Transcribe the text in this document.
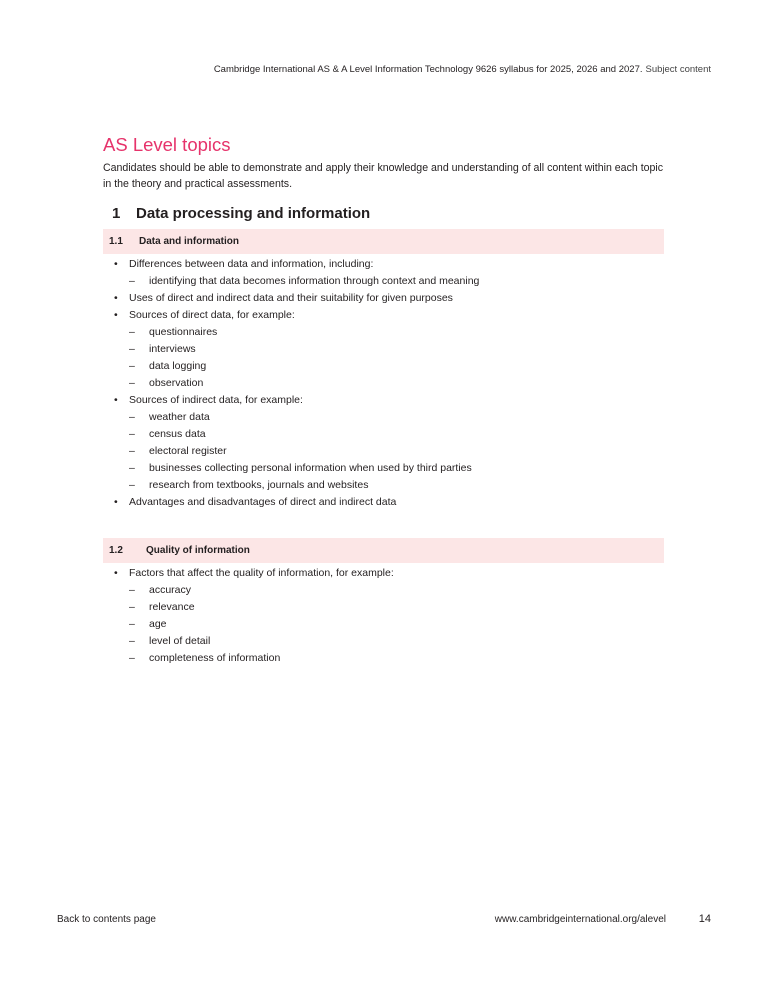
Cambridge International AS & A Level Information Technology 9626 syllabus for 2025, 2026 and 2027. Subject content
AS Level topics
Candidates should be able to demonstrate and apply their knowledge and understanding of all content within each topic in the theory and practical assessments.
1 Data processing and information
1.1 Data and information
• Differences between data and information, including:
– identifying that data becomes information through context and meaning
• Uses of direct and indirect data and their suitability for given purposes
• Sources of direct data, for example:
– questionnaires
– interviews
– data logging
– observation
• Sources of indirect data, for example:
– weather data
– census data
– electoral register
– businesses collecting personal information when used by third parties
– research from textbooks, journals and websites
• Advantages and disadvantages of direct and indirect data
1.2 Quality of information
• Factors that affect the quality of information, for example:
– accuracy
– relevance
– age
– level of detail
– completeness of information
Back to contents page	www.cambridgeinternational.org/alevel	14
